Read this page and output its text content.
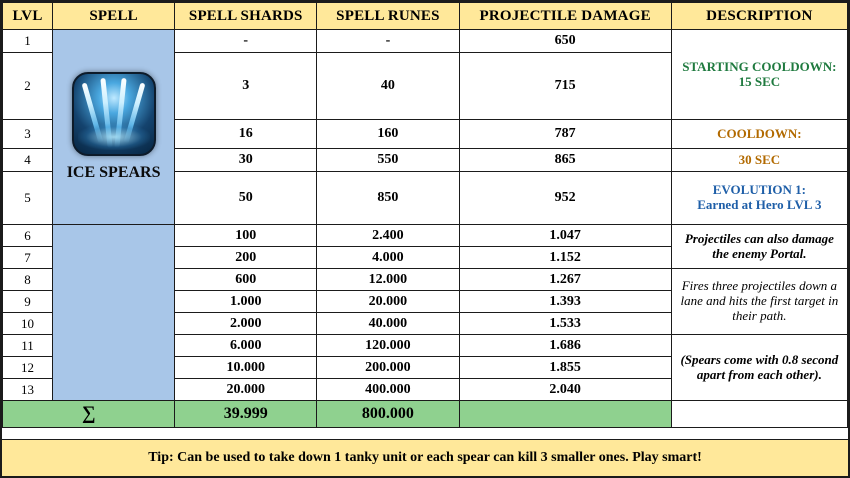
LVL	SPELL	SPELL SHARDS	SPELL RUNES	PROJECTILE DAMAGE	DESCRIPTION
1	ICE SPEARS	-	-	650	STARTING COOLDOWN:
15 SEC

2		3	40	715	
3		16	160	787	COOLDOWN:

4		30	550	865	30 SEC

5		50	850	952	EVOLUTION 1:
Earned at Hero LVL 3

6		100	2.400	1.047	Projectiles can also damage the enemy Portal.

7		200	4.000	1.152	
8		600	12.000	1.267	Fires three projectiles down a lane and hits the first target in their path.

9		1.000	20.000	1.393	
10		2.000	40.000	1.533	
11		6.000	120.000	1.686	(Spears come with 0.8 second apart from each other).

12		10.000	200.000	1.855	
13		20.000	400.000	2.040	
∑		39.999	800.000		
Tip: Can be used to take down 1 tanky unit or each spear can kill 3 smaller ones. Play smart!
